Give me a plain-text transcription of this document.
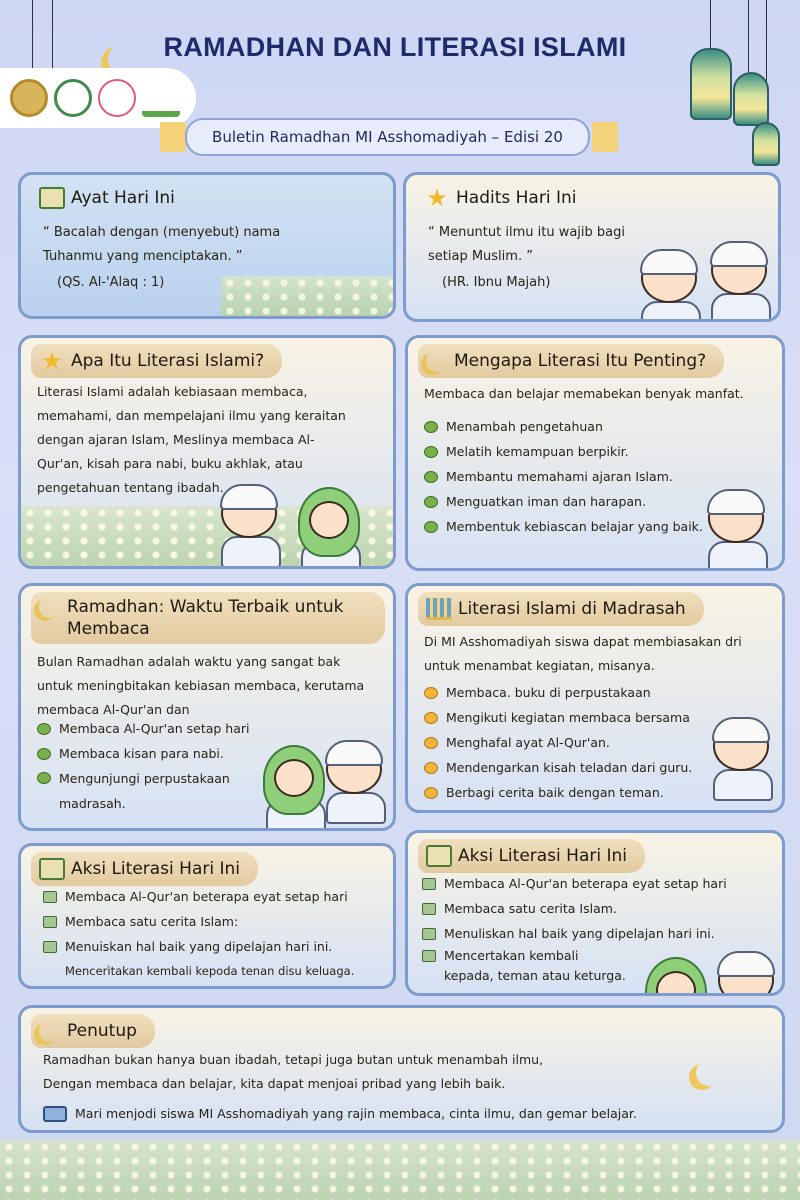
RAMADHAN DAN LITERASI ISLAMI
Buletin Ramadhan MI Asshomadiyah – Edisi 20
Ayat Hari Ini
“ Bacalah dengan (menyebut) nama Tuhanmu yang menciptakan. ”
(QS. Al-'Alaq : 1)
★ Hadits Hari Ini
“ Menuntut ilmu itu wajib bagi setiap Muslim. ”
(HR. Ibnu Majah)
★ Apa Itu Literasi Islami?
Literasi Islami adalah kebiasaan membaca, memahami, dan mempelajani ilmu yang keraitan dengan ajaran Islam, Meslinya membaca Al-Qur'an, kisah para nabi, buku akhlak, atau pengetahuan tentang ibadah.
Mengapa Literasi Itu Penting?
Membaca dan belajar memabekan benyak manfat.
Menambah pengetahuan
Melatih kemampuan berpikir.
Membantu memahami ajaran Islam.
Menguatkan iman dan harapan.
Membentuk kebiascan belajar yang baik.
Ramadhan: Waktu Terbaik untuk Membaca
Bulan Ramadhan adalah waktu yang sangat bak untuk meningbitakan kebiasan membaca, kerutama membaca Al-Qur'an dan
Membaca Al-Qur'an setap hari
Membaca kisan para nabi.
Mengunjungi perpustakaan madrasah.
Literasi Islami di Madrasah
Di MI Asshomadiyah siswa dapat membiasakan dri untuk menambat kegiatan, misanya.
Membaca. buku di perpustakaan
Mengikuti kegiatan membaca bersama
Menghafal ayat Al-Qur'an.
Mendengarkan kisah teladan dari guru.
Berbagi cerita baik dengan teman.
Aksi Literasi Hari Ini
Membaca Al-Qur'an beterapa eyat setap hari
Membaca satu cerita Islam:
Menuiskan hal baik yang dipelajan hari ini.
Mencerìtakan kembali kepoda tenan disu keluaga.
Aksi Literasi Hari Ini
Membaca Al-Qur'an beterapa eyat setap hari
Membaca satu cerita Islam.
Menuliskan hal baik yang dipelajan hari ini.
Mencertakan kembali kepada, teman atau keturga.
Penutup
Ramadhan bukan hanya buan ibadah, tetapi juga butan untuk menambah ilmu,
Dengan membaca dan belajar, kita dapat menjoai pribad yang lebih baik.
Mari menjodi siswa MI Asshomadiyah yang rajin membaca, cinta ilmu, dan gemar belajar.
